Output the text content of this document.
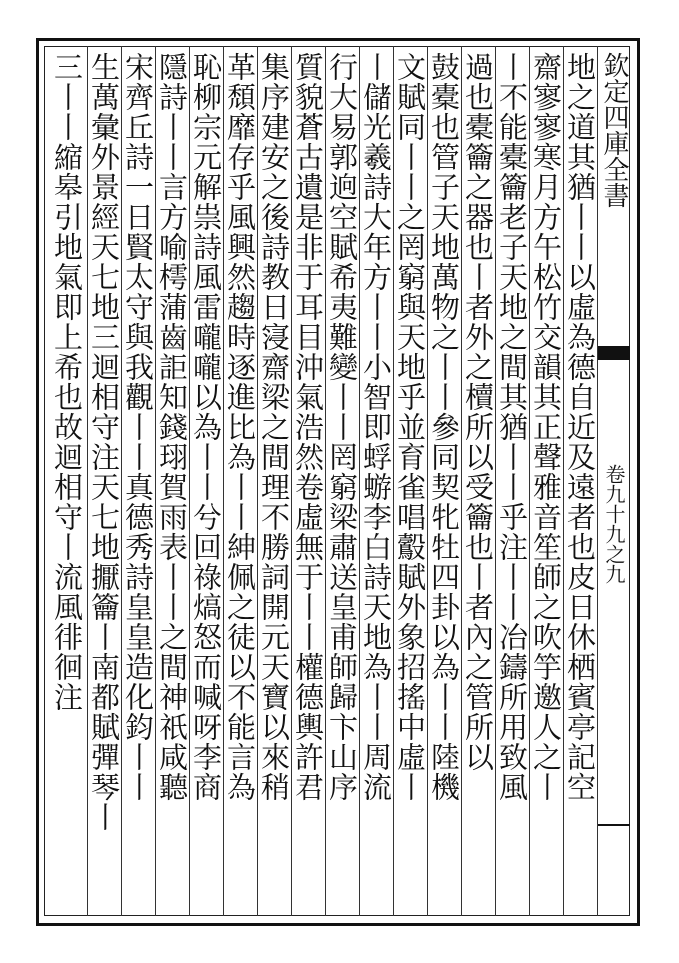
欽定四庫全書
卷九十九之九
地之道其猶丨丨以虛為德自近及遠者也皮日休栖賓亭記空
齋寥寥寒月方午松竹交韻其正聲雅音笙師之吹竽邀人之丨
丨不能橐籥老子天地之間其猶丨丨乎注丨丨冶鑄所用致風
過也橐籥之器也丨者外之櫝所以受籥也丨者內之管所以
鼓橐也管子天地萬物之丨丨參同契牝牡四卦以為丨丨陸機
文賦同丨丨之罔窮與天地乎並育雀唱鷇賦外象招搖中虛丨
丨儲光羲詩大年方丨丨小智即蜉蝣李白詩天地為丨丨周流
行大易郭逈空賦希夷難變丨丨罔窮梁肅送皇甫師歸卞山序
質貌蒼古遺是非于耳目沖氣浩然卷虛無于丨丨權德輿許君
集序建安之後詩教日寖齋梁之間理不勝詞開元天寶以來稍
革頹靡存乎風興然趨時逐進比為丨丨紳佩之徒以不能言為
恥柳宗元解祟詩風雷嚨嚨以為丨丨兮回祿熇怒而喊呀李商
隱詩丨丨言方喻樗蒲齒詎知錢珝賀雨表丨丨之間神祇咸聽
宋齊丘詩一日賢太守與我觀丨丨真德秀詩皇皇造化鈞丨丨
生萬彙外景經天七地三迴相守注天七地擫籥丨南都賦彈琴丨
三丨丨縮皋引地氣即上希也故迴相守丨流風徘徊注
